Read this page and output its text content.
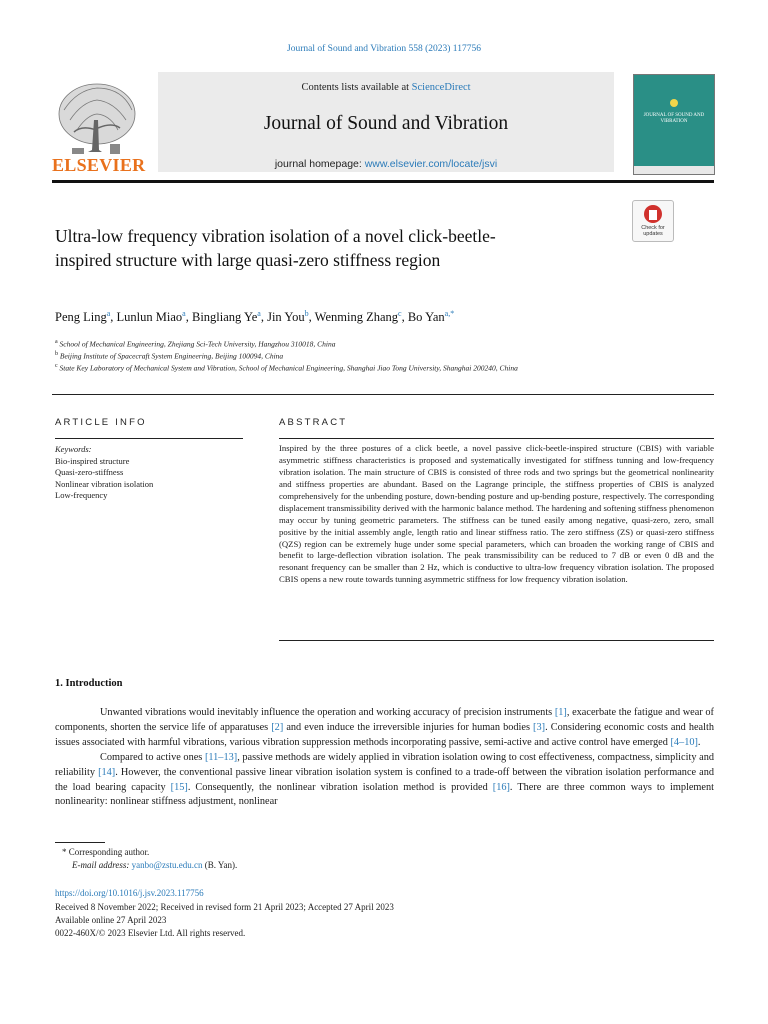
Journal of Sound and Vibration 558 (2023) 117756
ELSEVIER
Contents lists available at ScienceDirect
Journal of Sound and Vibration
journal homepage: www.elsevier.com/locate/jsvi
JOURNAL OF SOUND AND VIBRATION
Ultra-low frequency vibration isolation of a novel click-beetle-inspired structure with large quasi-zero stiffness region
Check for updates
Peng Ling$^a$, Lunlun Miao$^a$, Bingliang Ye$^a$, Jin You$^b$, Wenming Zhang$^c$, Bo Yan$^{a,*}$
$^a$ School of Mechanical Engineering, Zhejiang Sci-Tech University, Hangzhou 310018, China
$^b$ Beijing Institute of Spacecraft System Engineering, Beijing 100094, China
$^c$ State Key Laboratory of Mechanical System and Vibration, School of Mechanical Engineering, Shanghai Jiao Tong University, Shanghai 200240, China
ARTICLE INFO
Keywords:
Bio-inspired structure
Quasi-zero-stiffness
Nonlinear vibration isolation
Low-frequency
ABSTRACT
Inspired by the three postures of a click beetle, a novel passive click-beetle-inspired structure (CBIS) with variable asymmetric stiffness characteristics is proposed and systematically investigated for stiffness tunning and low-frequency vibration isolation. The main structure of CBIS is consisted of three rods and two springs but the geometrical nonlinearity and stiffness properties are abundant. Based on the Lagrange principle, the stiffness properties of CBIS is analyzed comprehensively for the unbending posture, down-bending posture and up-bending posture, respectively. The corresponding displacement transmissibility derived with the harmonic balance method. The hardening and softening stiffness phenomenon may occur by tuning geometric parameters. The stiffness can be tuned easily among negative, quasi-zero, zero, small positive by the initial assembly angle, length ratio and linear stiffness ratio. The zero stiffness (ZS) or quasi-zero stiffness (QZS) region can be extremely huge under some special parameters, which can broaden the working range of CBIS and benefit to large-deflection vibration isolation. The peak transmissibility can be reduced to 7 dB or even 0 dB and the resonant frequency can be smaller than 2 Hz, which is conductive to ultra-low frequency vibration isolation. The proposed CBIS opens a new route towards tunning asymmetric stiffness for low frequency vibration isolation.
1. Introduction

Unwanted vibrations would inevitably influence the operation and working accuracy of precision instruments [1], exacerbate the fatigue and wear of components, shorten the service life of apparatuses [2] and even induce the irreversible injuries for human bodies [3]. Considering economic costs and health issues associated with harmful vibrations, various vibration suppression methods incorporating passive, semi-active and active control have emerged [4–10].

Compared to active ones [11–13], passive methods are widely applied in vibration isolation owing to cost effectiveness, compactness, simplicity and reliability [14]. However, the conventional passive linear vibration isolation system is confined to a trade-off between the vibration isolation performance and the load bearing capacity [15]. Consequently, the nonlinear vibration isolation method is provided [16]. There are three common ways to implement nonlinearity: nonlinear stiffness adjustment, nonlinear

* Corresponding author.
E-mail address: yanbo@zstu.edu.cn (B. Yan).
https://doi.org/10.1016/j.jsv.2023.117756
Received 8 November 2022; Received in revised form 21 April 2023; Accepted 27 April 2023
Available online 27 April 2023
0022-460X/© 2023 Elsevier Ltd. All rights reserved.
